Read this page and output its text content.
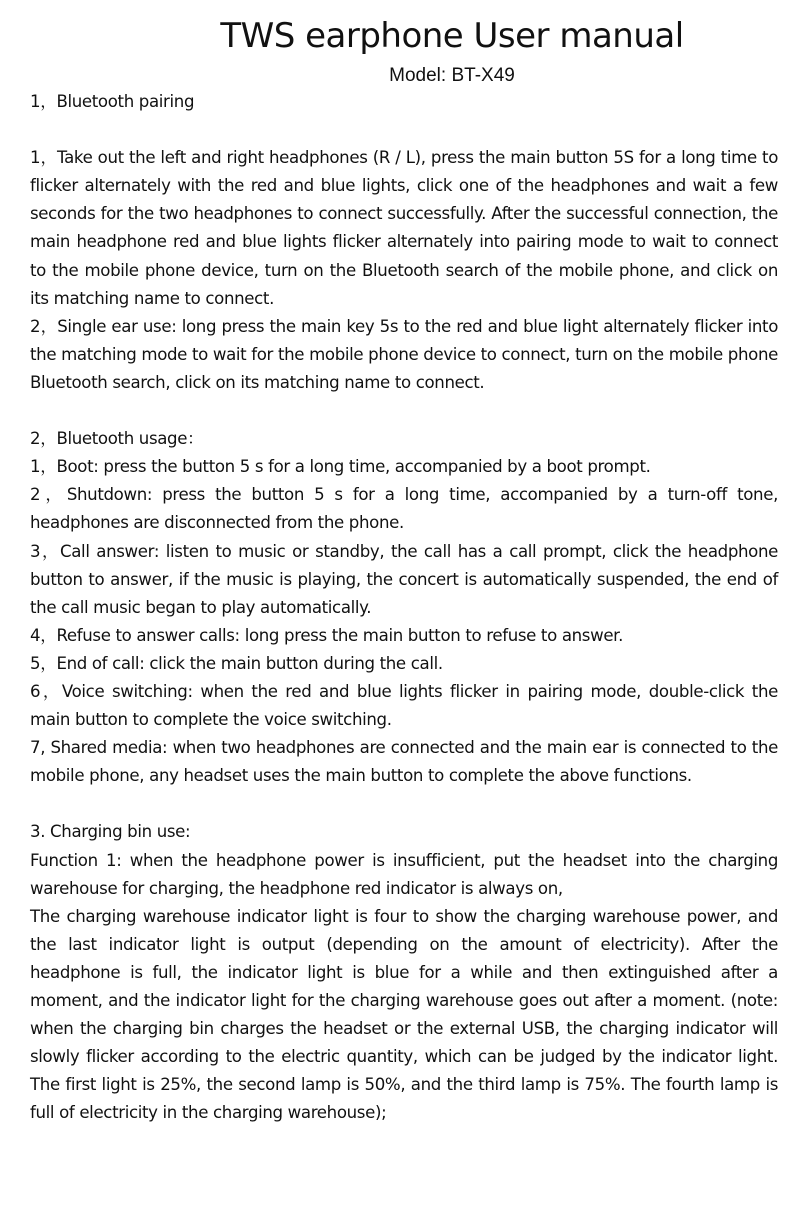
TWS earphone User manual
Model: BT-X49

1，Bluetooth pairing

1，Take out the left and right headphones (R / L), press the main button 5S for a long time to flicker alternately with the red and blue lights, click one of the headphones and wait a few seconds for the two headphones to connect successfully. After the successful connection, the main headphone red and blue lights flicker alternately into pairing mode to wait to connect to the mobile phone device, turn on the Bluetooth search of the mobile phone, and click on its matching name to connect.

2，Single ear use: long press the main key 5s to the red and blue light alternately flicker into the matching mode to wait for the mobile phone device to connect, turn on the mobile phone Bluetooth search, click on its matching name to connect.

2，Bluetooth usage：

1，Boot: press the button 5 s for a long time, accompanied by a boot prompt.

2，Shutdown: press the button 5 s for a long time, accompanied by a turn-off tone, headphones are disconnected from the phone.

3，Call answer: listen to music or standby, the call has a call prompt, click the headphone button to answer, if the music is playing, the concert is automatically suspended, the end of the call music began to play automatically.

4，Refuse to answer calls: long press the main button to refuse to answer.

5，End of call: click the main button during the call.

6，Voice switching: when the red and blue lights flicker in pairing mode, double-click the main button to complete the voice switching.

7, Shared media: when two headphones are connected and the main ear is connected to the mobile phone, any headset uses the main button to complete the above functions.

3. Charging bin use:

Function 1: when the headphone power is insufficient, put the headset into the charging warehouse for charging, the headphone red indicator is always on,

The charging warehouse indicator light is four to show the charging warehouse power, and the last indicator light is output (depending on the amount of electricity). After the headphone is full, the indicator light is blue for a while and then extinguished after a moment, and the indicator light for the charging warehouse goes out after a moment. (note: when the charging bin charges the headset or the external USB, the charging indicator will slowly flicker according to the electric quantity, which can be judged by the indicator light. The first light is 25%, the second lamp is 50%, and the third lamp is 75%. The fourth lamp is full of electricity in the charging warehouse);
